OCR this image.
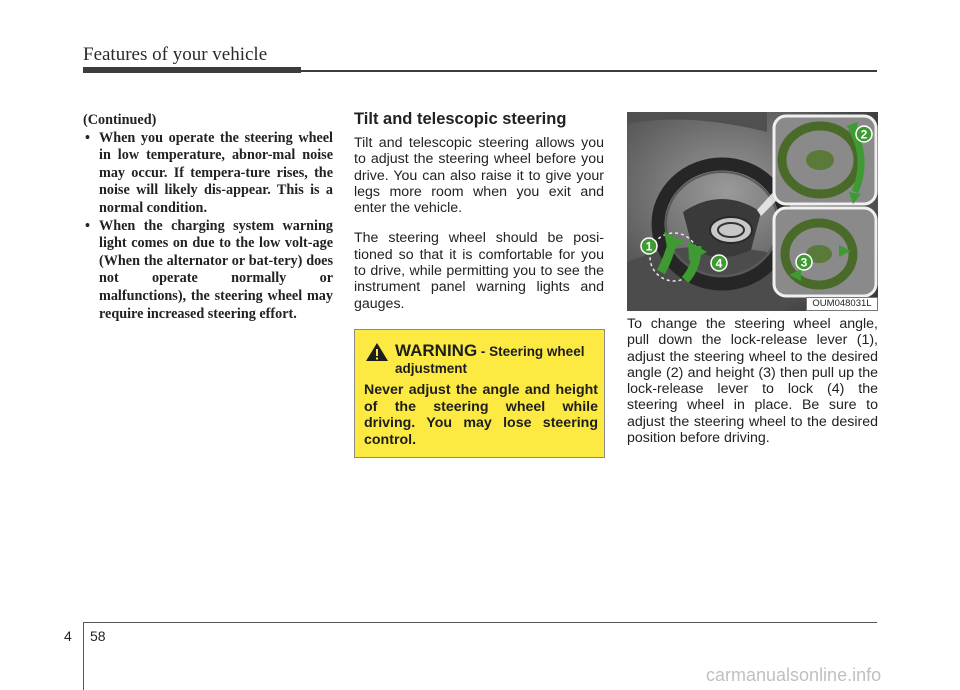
Features of your vehicle

(Continued)

• When you operate the steering wheel in low temperature, abnor-mal noise may occur. If tempera-ture rises, the noise will likely dis-appear. This is a normal condition.
• When the charging system warning light comes on due to the low volt-age (When the alternator or bat-tery) does not operate normally or malfunctions), the steering wheel may require increased steering effort.
Tilt and telescopic steering

Tilt and telescopic steering allows you to adjust the steering wheel before you drive. You can also raise it to give your legs more room when you exit and enter the vehicle.

The steering wheel should be posi-tioned so that it is comfortable for you to drive, while permitting you to see the instrument panel warning lights and gauges.

WARNING - Steering wheel adjustment
Never adjust the angle and height of the steering wheel while driving. You may lose steering control.
1
2
3
4
OUM048031L

To change the steering wheel angle, pull down the lock-release lever (1), adjust the steering wheel to the desired angle (2) and height (3) then pull up the lock-release lever to lock (4) the steering wheel in place. Be sure to adjust the steering wheel to the desired position before driving.

4 58
carmanualsonline.info
